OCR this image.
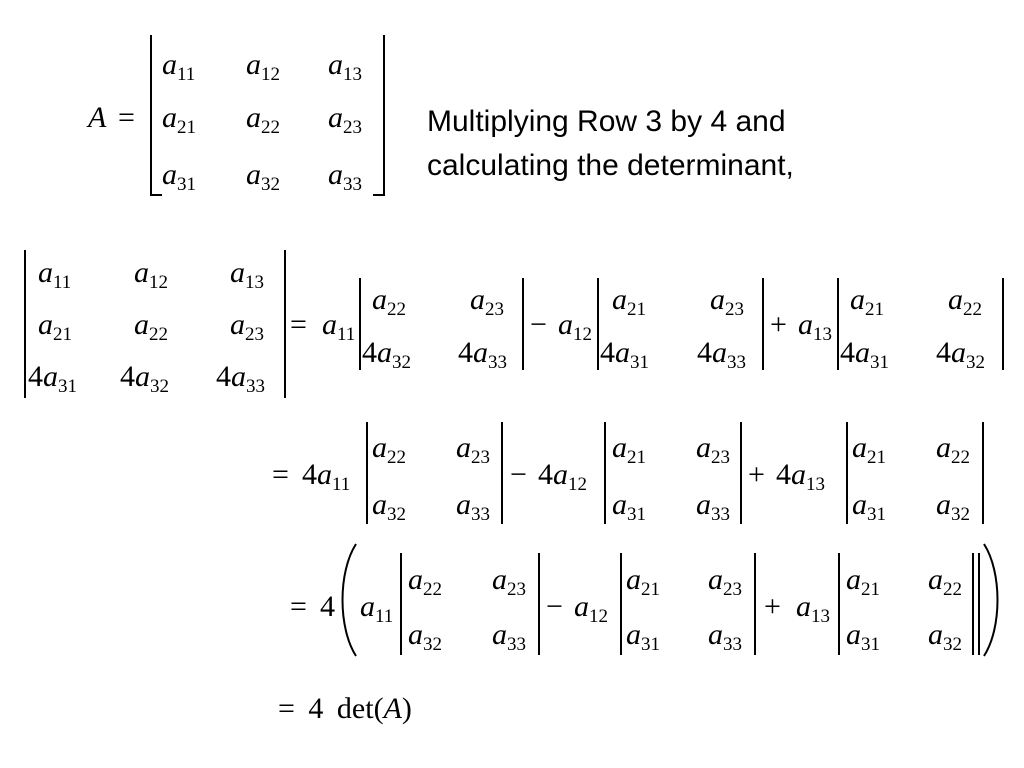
A =
$a_{11}$ $a_{12}$ $a_{13}$
$a_{21}$ $a_{22}$ $a_{23}$
$a_{31}$ $a_{32}$ $a_{33}$
Multiplying Row 3 by 4 and
calculating the determinant,
$a_{11}$ $a_{12}$ $a_{13}$
$a_{21}$ $a_{22}$ $a_{23}$
$4a_{31}$ $4a_{32}$ $4a_{33}$
= $a_{11}$
$a_{22}$ $a_{23}$
$4a_{32}$ $4a_{33}$
− $a_{12}$
$a_{21}$ $a_{23}$
$4a_{31}$ $4a_{33}$
+ $a_{13}$
$a_{21}$ $a_{22}$
$4a_{31}$ $4a_{32}$
= $4a_{11}$
$a_{22}$ $a_{23}$
$a_{32}$ $a_{33}$
− $4a_{12}$
$a_{21}$ $a_{23}$
$a_{31}$ $a_{33}$
+ $4a_{13}$
$a_{21}$ $a_{22}$
$a_{31}$ $a_{32}$
= 4 $a_{11}$
$a_{22}$ $a_{23}$
$a_{32}$ $a_{33}$
− $a_{12}$
$a_{21}$ $a_{23}$
$a_{31}$ $a_{33}$
+ $a_{13}$
$a_{21}$ $a_{22}$
$a_{31}$ $a_{32}$
= 4 det(A)
